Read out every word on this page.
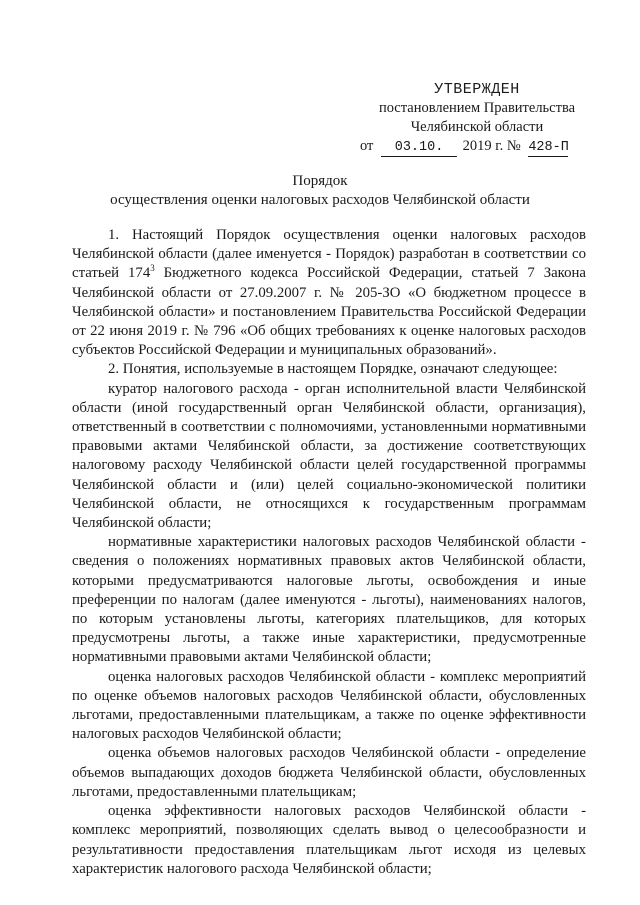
УТВЕРЖДЕН
постановлением Правительства
Челябинской области
от 03.10. 2019 г. № 428-П
Порядок
осуществления оценки налоговых расходов Челябинской области

1. Настоящий Порядок осуществления оценки налоговых расходов Челябинской области (далее именуется - Порядок) разработан в соответствии со статьей $174^3$ Бюджетного кодекса Российской Федерации, статьей 7 Закона Челябинской области от 27.09.2007 г. № 205-ЗО «О бюджетном процессе в Челябинской области» и постановлением Правительства Российской Федерации от 22 июня 2019 г. № 796 «Об общих требованиях к оценке налоговых расходов субъектов Российской Федерации и муниципальных образований».

2. Понятия, используемые в настоящем Порядке, означают следующее:

куратор налогового расхода - орган исполнительной власти Челябинской области (иной государственный орган Челябинской области, организация), ответственный в соответствии с полномочиями, установленными нормативными правовыми актами Челябинской области, за достижение соответствующих налоговому расходу Челябинской области целей государственной программы Челябинской области и (или) целей социально-экономической политики Челябинской области, не относящихся к государственным программам Челябинской области;

нормативные характеристики налоговых расходов Челябинской области - сведения о положениях нормативных правовых актов Челябинской области, которыми предусматриваются налоговые льготы, освобождения и иные преференции по налогам (далее именуются - льготы), наименованиях налогов, по которым установлены льготы, категориях плательщиков, для которых предусмотрены льготы, а также иные характеристики, предусмотренные нормативными правовыми актами Челябинской области;

оценка налоговых расходов Челябинской области - комплекс мероприятий по оценке объемов налоговых расходов Челябинской области, обусловленных льготами, предоставленными плательщикам, а также по оценке эффективности налоговых расходов Челябинской области;

оценка объемов налоговых расходов Челябинской области - определение объемов выпадающих доходов бюджета Челябинской области, обусловленных льготами, предоставленными плательщикам;

оценка эффективности налоговых расходов Челябинской области - комплекс мероприятий, позволяющих сделать вывод о целесообразности и результативности предоставления плательщикам льгот исходя из целевых характеристик налогового расхода Челябинской области;
